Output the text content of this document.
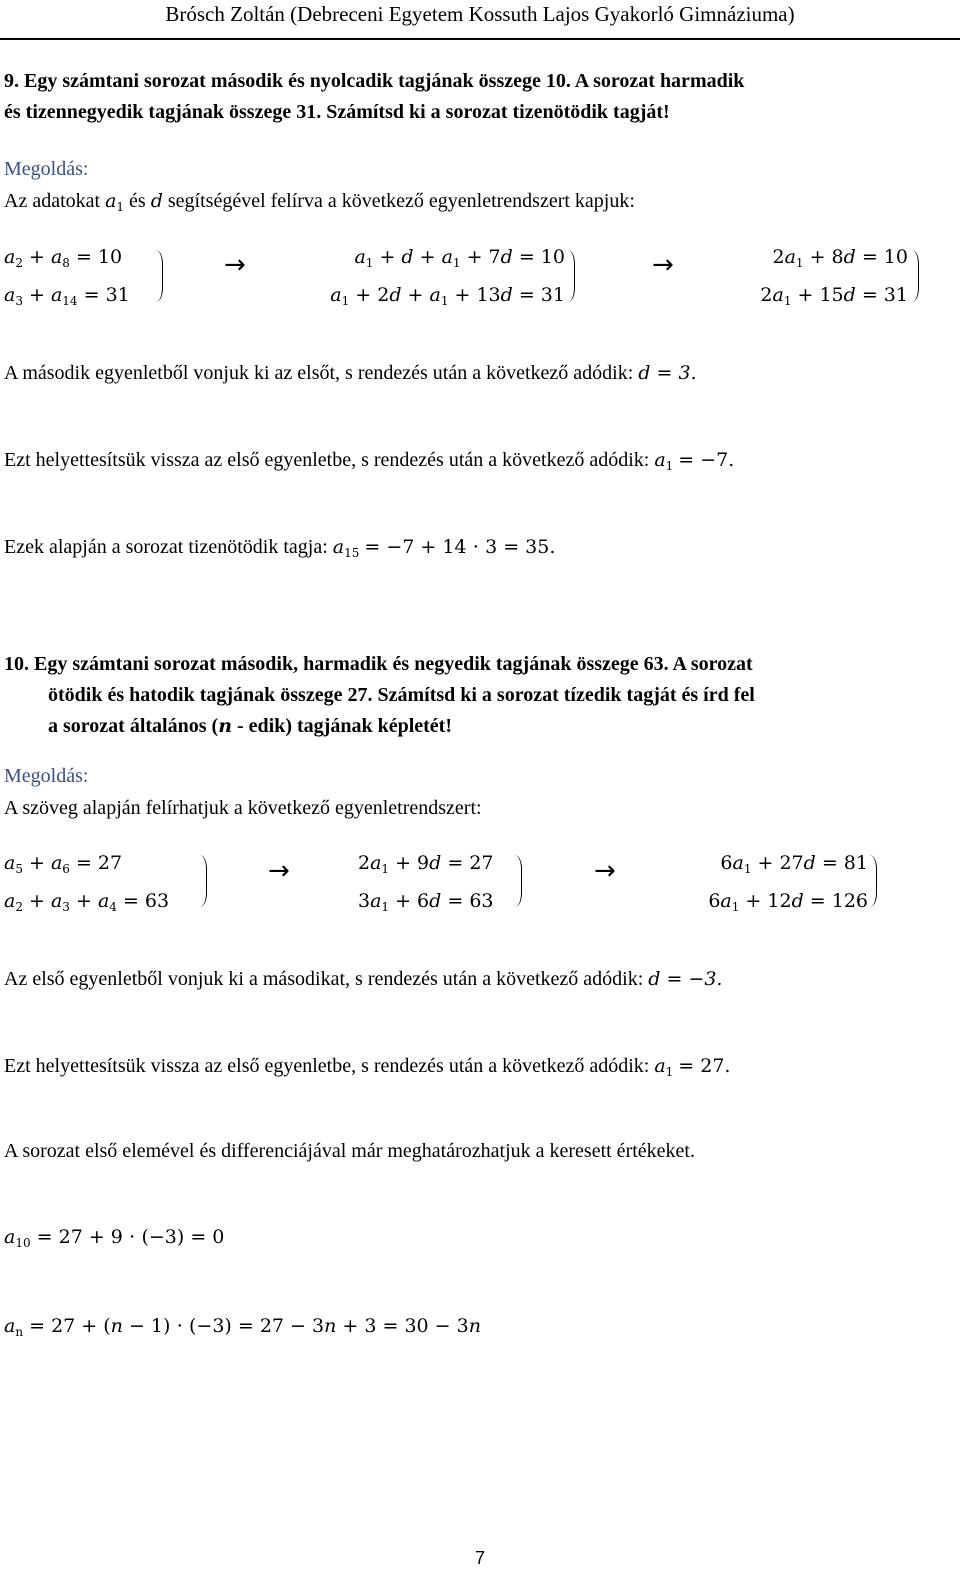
Brósch Zoltán (Debreceni Egyetem Kossuth Lajos Gyakorló Gimnáziuma)
9. Egy számtani sorozat második és nyolcadik tagjának összege 10. A sorozat harmadik
és tizennegyedik tagjának összege 31. Számítsd ki a sorozat tizenötödik tagját!
Megoldás:
Az adatokat $a_1$ és d segítségével felírva a következő egyenletrendszert kapjuk:
$a_2 + a_8 = 10$
$a_3 + a_{14} = 31$
→	$a_1 + d + a_1 + 7d = 10$
$a_1 + 2d + a_1 + 13d = 31$
→	$2a_1 + 8d = 10$
$2a_1 + 15d = 31$
A második egyenletből vonjuk ki az elsőt, s rendezés után a következő adódik: d = 3.
Ezt helyettesítsük vissza az első egyenletbe, s rendezés után a következő adódik: $a_1 = -7$.
Ezek alapján a sorozat tizenötödik tagja: $a_{15} = -7 + 14 \cdot 3 = 35$.
10. Egy számtani sorozat második, harmadik és negyedik tagjának összege 63. A sorozat
ötödik és hatodik tagjának összege 27. Számítsd ki a sorozat tízedik tagját és írd fel
a sorozat általános (n - edik) tagjának képletét!
Megoldás:
A szöveg alapján felírhatjuk a következő egyenletrendszert:
$a_5 + a_6 = 27$
$a_2 + a_3 + a_4 = 63$
→	$2a_1 + 9d = 27$
$3a_1 + 6d = 63$
→	$6a_1 + 27d = 81$
$6a_1 + 12d = 126$
Az első egyenletből vonjuk ki a másodikat, s rendezés után a következő adódik: d = −3.
Ezt helyettesítsük vissza az első egyenletbe, s rendezés után a következő adódik: $a_1 = 27$.
A sorozat első elemével és differenciájával már meghatározhatjuk a keresett értékeket.
$a_{10} = 27 + 9 \cdot (-3) = 0$
$a_n = 27 + (n - 1) \cdot (-3) = 27 - 3n + 3 = 30 - 3n$
7
